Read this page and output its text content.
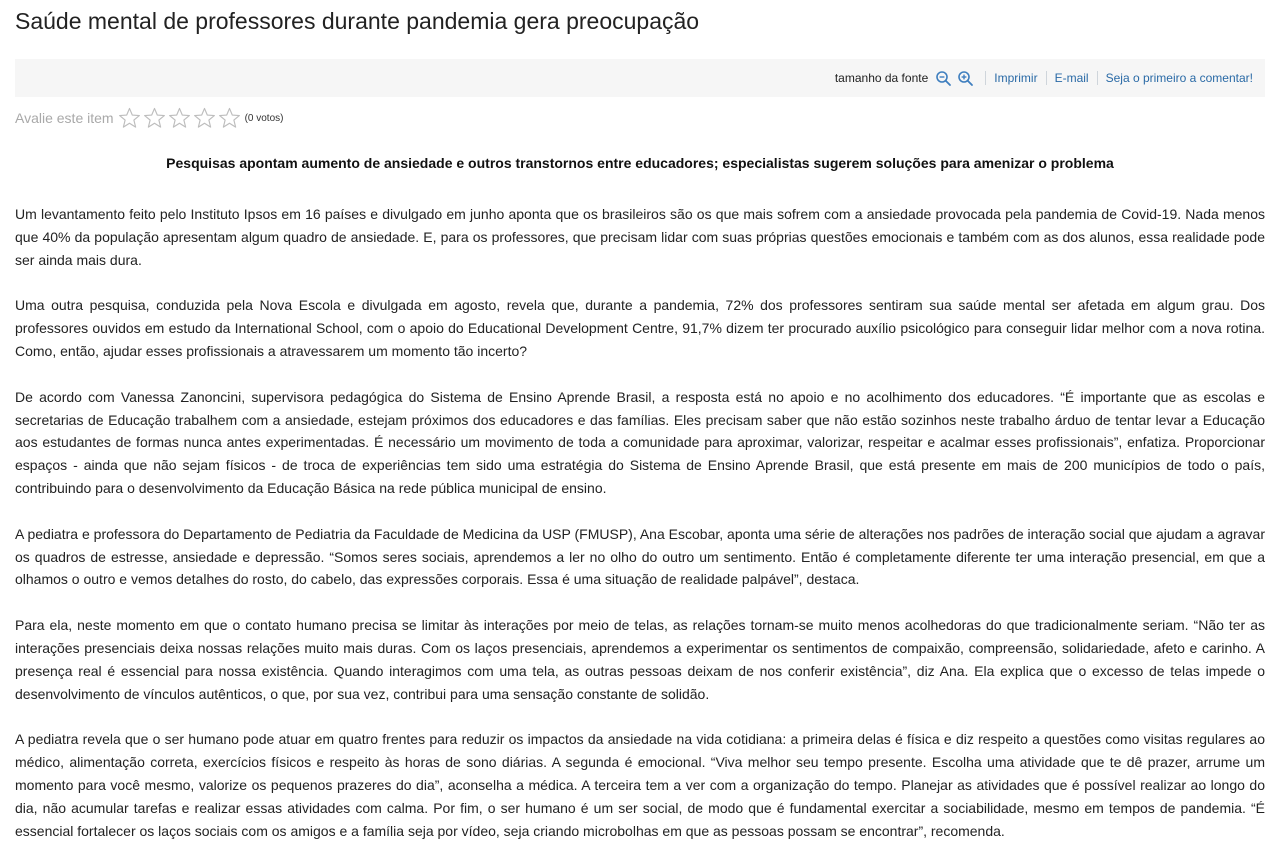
Saúde mental de professores durante pandemia gera preocupação
tamanho da fonte	Imprimir	E-mail	Seja o primeiro a comentar!
Avalie este item	(0 votos)

Pesquisas apontam aumento de ansiedade e outros transtornos entre educadores; especialistas sugerem soluções para amenizar o problema

Um levantamento feito pelo Instituto Ipsos em 16 países e divulgado em junho aponta que os brasileiros são os que mais sofrem com a ansiedade provocada pela pandemia de Covid-19. Nada menos que 40% da população apresentam algum quadro de ansiedade. E, para os professores, que precisam lidar com suas próprias questões emocionais e também com as dos alunos, essa realidade pode ser ainda mais dura.

Uma outra pesquisa, conduzida pela Nova Escola e divulgada em agosto, revela que, durante a pandemia, 72% dos professores sentiram sua saúde mental ser afetada em algum grau. Dos professores ouvidos em estudo da International School, com o apoio do Educational Development Centre, 91,7% dizem ter procurado auxílio psicológico para conseguir lidar melhor com a nova rotina. Como, então, ajudar esses profissionais a atravessarem um momento tão incerto?

De acordo com Vanessa Zanoncini, supervisora pedagógica do Sistema de Ensino Aprende Brasil, a resposta está no apoio e no acolhimento dos educadores. “É importante que as escolas e secretarias de Educação trabalhem com a ansiedade, estejam próximos dos educadores e das famílias. Eles precisam saber que não estão sozinhos neste trabalho árduo de tentar levar a Educação aos estudantes de formas nunca antes experimentadas. É necessário um movimento de toda a comunidade para aproximar, valorizar, respeitar e acalmar esses profissionais”, enfatiza. Proporcionar espaços - ainda que não sejam físicos - de troca de experiências tem sido uma estratégia do Sistema de Ensino Aprende Brasil, que está presente em mais de 200 municípios de todo o país, contribuindo para o desenvolvimento da Educação Básica na rede pública municipal de ensino.

A pediatra e professora do Departamento de Pediatria da Faculdade de Medicina da USP (FMUSP), Ana Escobar, aponta uma série de alterações nos padrões de interação social que ajudam a agravar os quadros de estresse, ansiedade e depressão. “Somos seres sociais, aprendemos a ler no olho do outro um sentimento. Então é completamente diferente ter uma interação presencial, em que a olhamos o outro e vemos detalhes do rosto, do cabelo, das expressões corporais. Essa é uma situação de realidade palpável”, destaca.

Para ela, neste momento em que o contato humano precisa se limitar às interações por meio de telas, as relações tornam-se muito menos acolhedoras do que tradicionalmente seriam. “Não ter as interações presenciais deixa nossas relações muito mais duras. Com os laços presenciais, aprendemos a experimentar os sentimentos de compaixão, compreensão, solidariedade, afeto e carinho. A presença real é essencial para nossa existência. Quando interagimos com uma tela, as outras pessoas deixam de nos conferir existência”, diz Ana. Ela explica que o excesso de telas impede o desenvolvimento de vínculos autênticos, o que, por sua vez, contribui para uma sensação constante de solidão.

A pediatra revela que o ser humano pode atuar em quatro frentes para reduzir os impactos da ansiedade na vida cotidiana: a primeira delas é física e diz respeito a questões como visitas regulares ao médico, alimentação correta, exercícios físicos e respeito às horas de sono diárias. A segunda é emocional. “Viva melhor seu tempo presente. Escolha uma atividade que te dê prazer, arrume um momento para você mesmo, valorize os pequenos prazeres do dia”, aconselha a médica. A terceira tem a ver com a organização do tempo. Planejar as atividades que é possível realizar ao longo do dia, não acumular tarefas e realizar essas atividades com calma. Por fim, o ser humano é um ser social, de modo que é fundamental exercitar a sociabilidade, mesmo em tempos de pandemia. “É essencial fortalecer os laços sociais com os amigos e a família seja por vídeo, seja criando microbolhas em que as pessoas possam se encontrar”, recomenda.
